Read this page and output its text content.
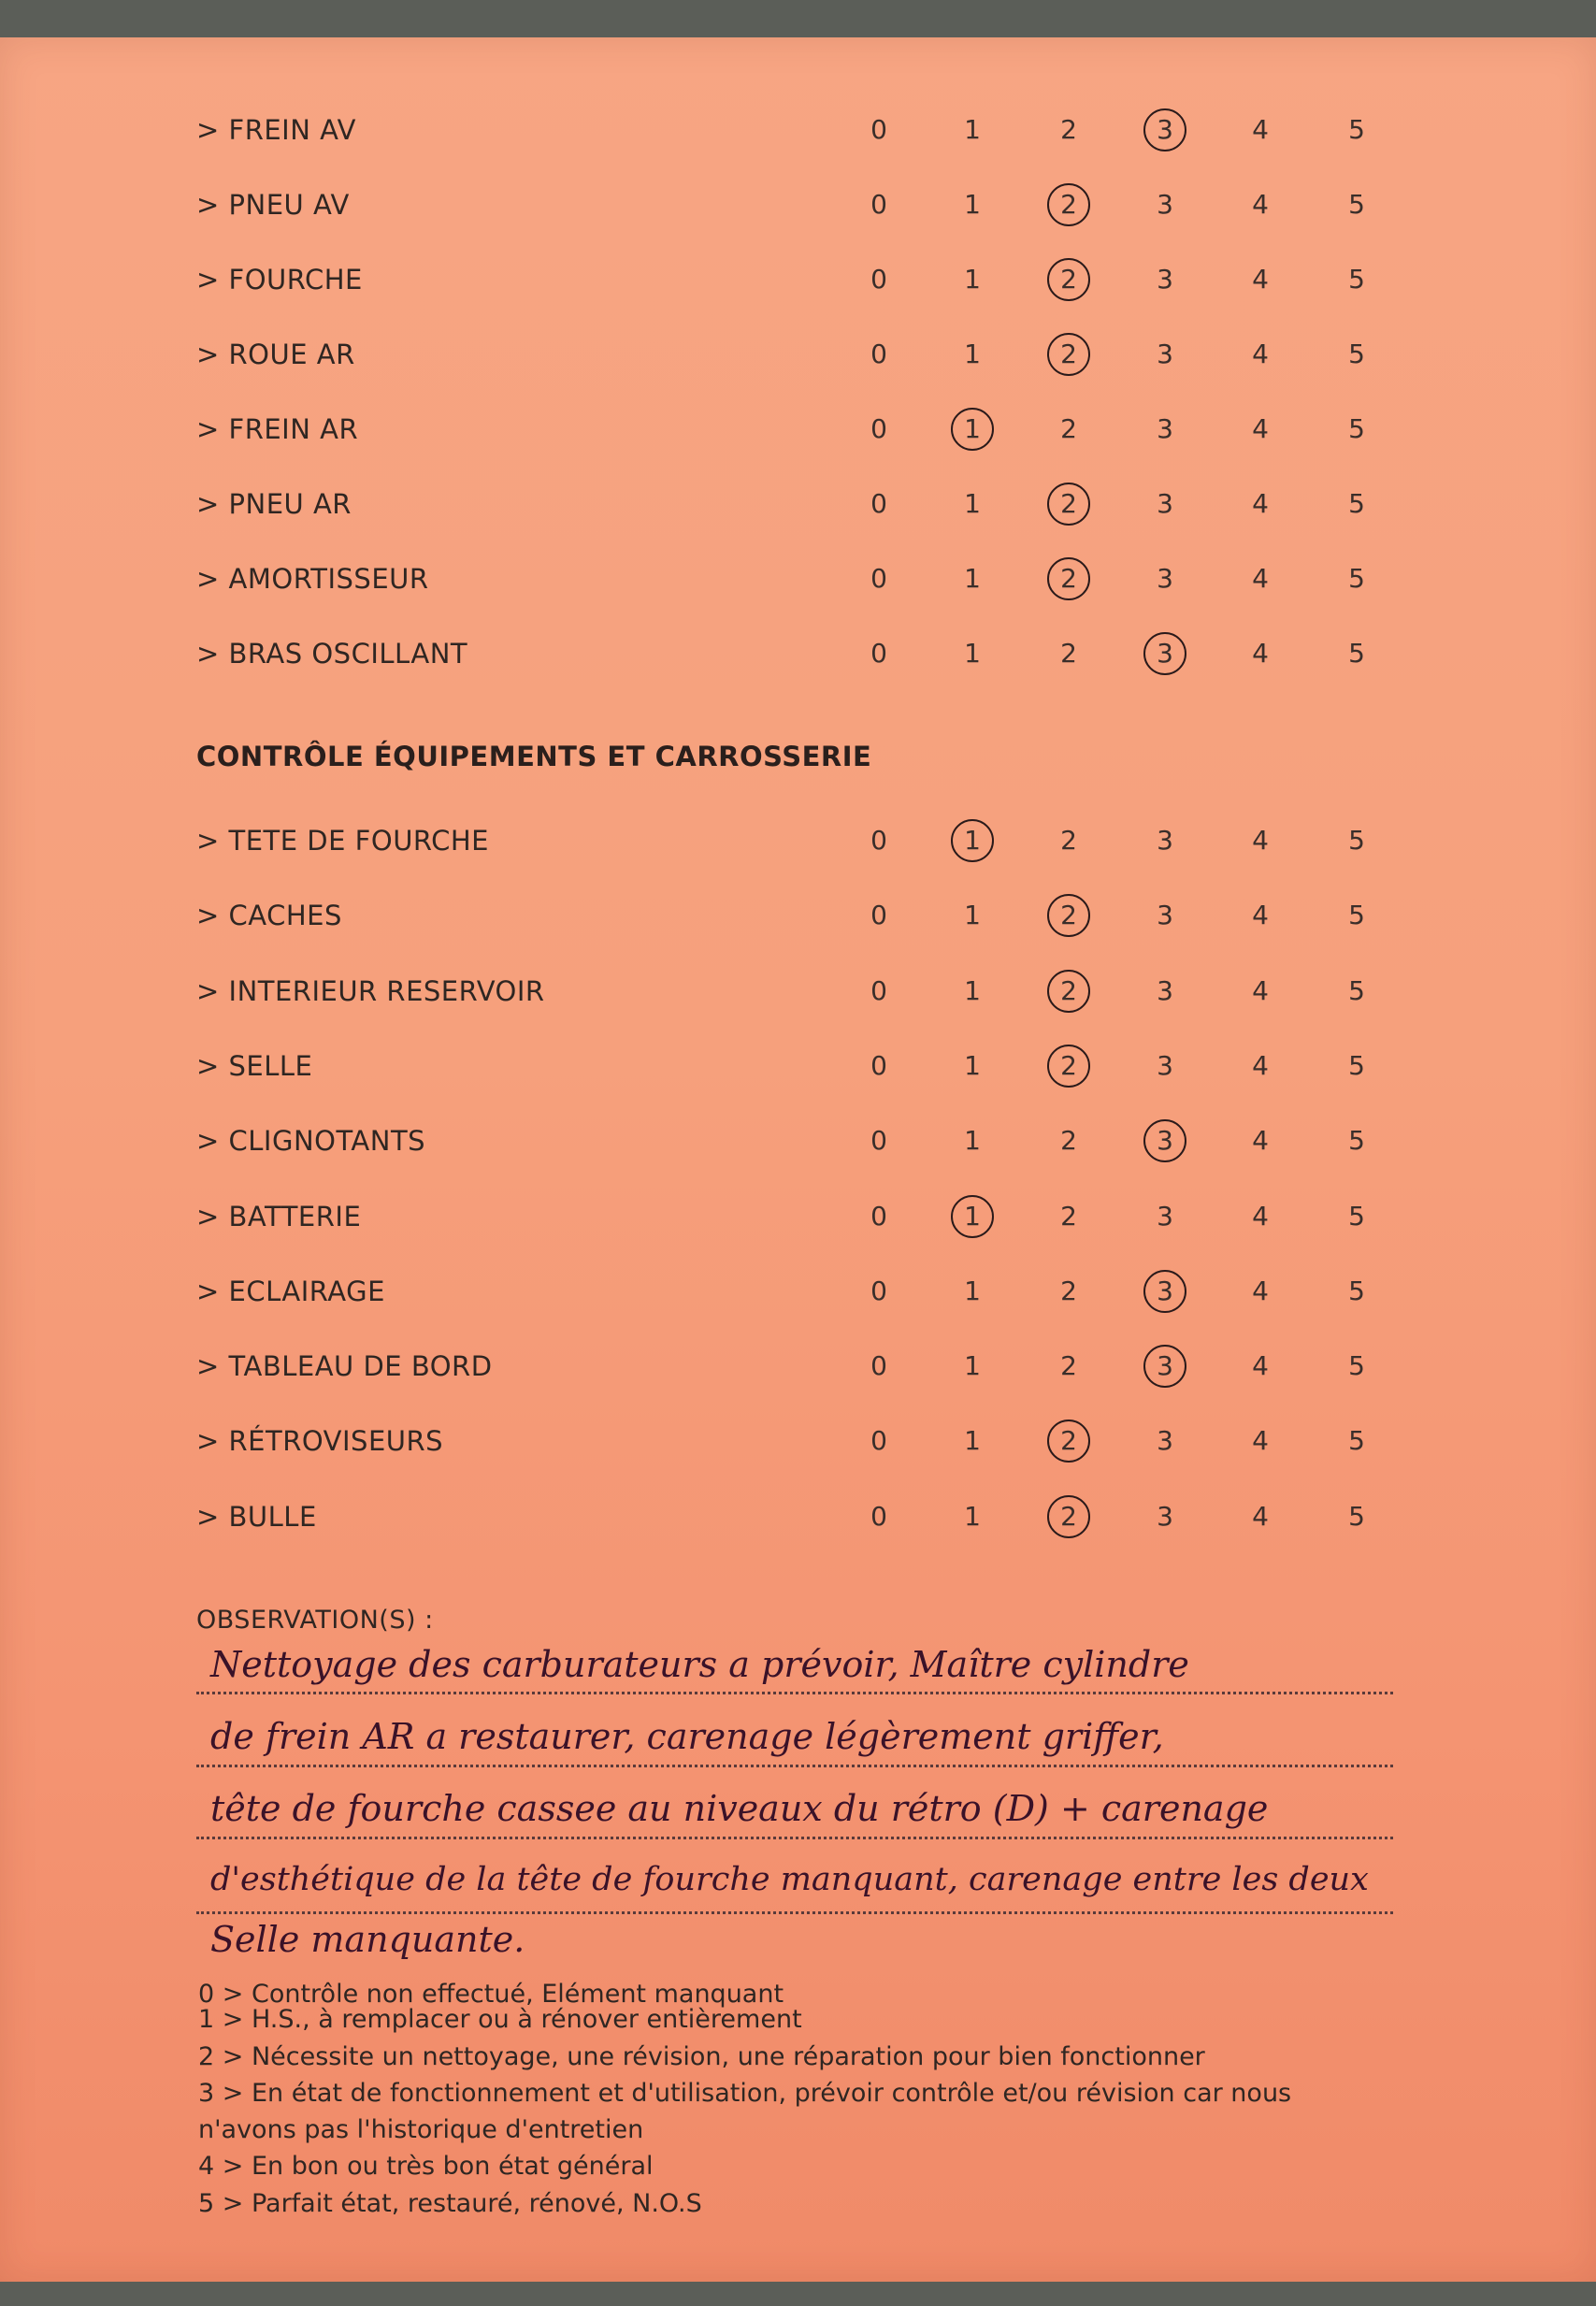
> FREIN AV	0	1	2	3	4	5
> PNEU AV	0	1	2	3	4	5
> FOURCHE	0	1	2	3	4	5
> ROUE AR	0	1	2	3	4	5
> FREIN AR	0	1	2	3	4	5
> PNEU AR	0	1	2	3	4	5
> AMORTISSEUR	0	1	2	3	4	5
> BRAS OSCILLANT	0	1	2	3	4	5
CONTRÔLE ÉQUIPEMENTS ET CARROSSERIE
> TETE DE FOURCHE	0	1	2	3	4	5
> CACHES	0	1	2	3	4	5
> INTERIEUR RESERVOIR	0	1	2	3	4	5
> SELLE	0	1	2	3	4	5
> CLIGNOTANTS	0	1	2	3	4	5
> BATTERIE	0	1	2	3	4	5
> ECLAIRAGE	0	1	2	3	4	5
> TABLEAU DE BORD	0	1	2	3	4	5
> RÉTROVISEURS	0	1	2	3	4	5
> BULLE	0	1	2	3	4	5
OBSERVATION(S) :
Nettoyage des carburateurs a prévoir, Maître cylindre
de frein AR a restaurer, carenage légèrement griffer,
tête de fourche cassee au niveaux du rétro (D) + carenage
d'esthétique de la tête de fourche manquant, carenage entre les deux
Selle manquante.
0 > Contrôle non effectué, Elément manquant
1 > H.S., à remplacer ou à rénover entièrement
2 > Nécessite un nettoyage, une révision, une réparation pour bien fonctionner
3 > En état de fonctionnement et d'utilisation, prévoir contrôle et/ou révision car nous
n'avons pas l'historique d'entretien
4 > En bon ou très bon état général
5 > Parfait état, restauré, rénové, N.O.S
